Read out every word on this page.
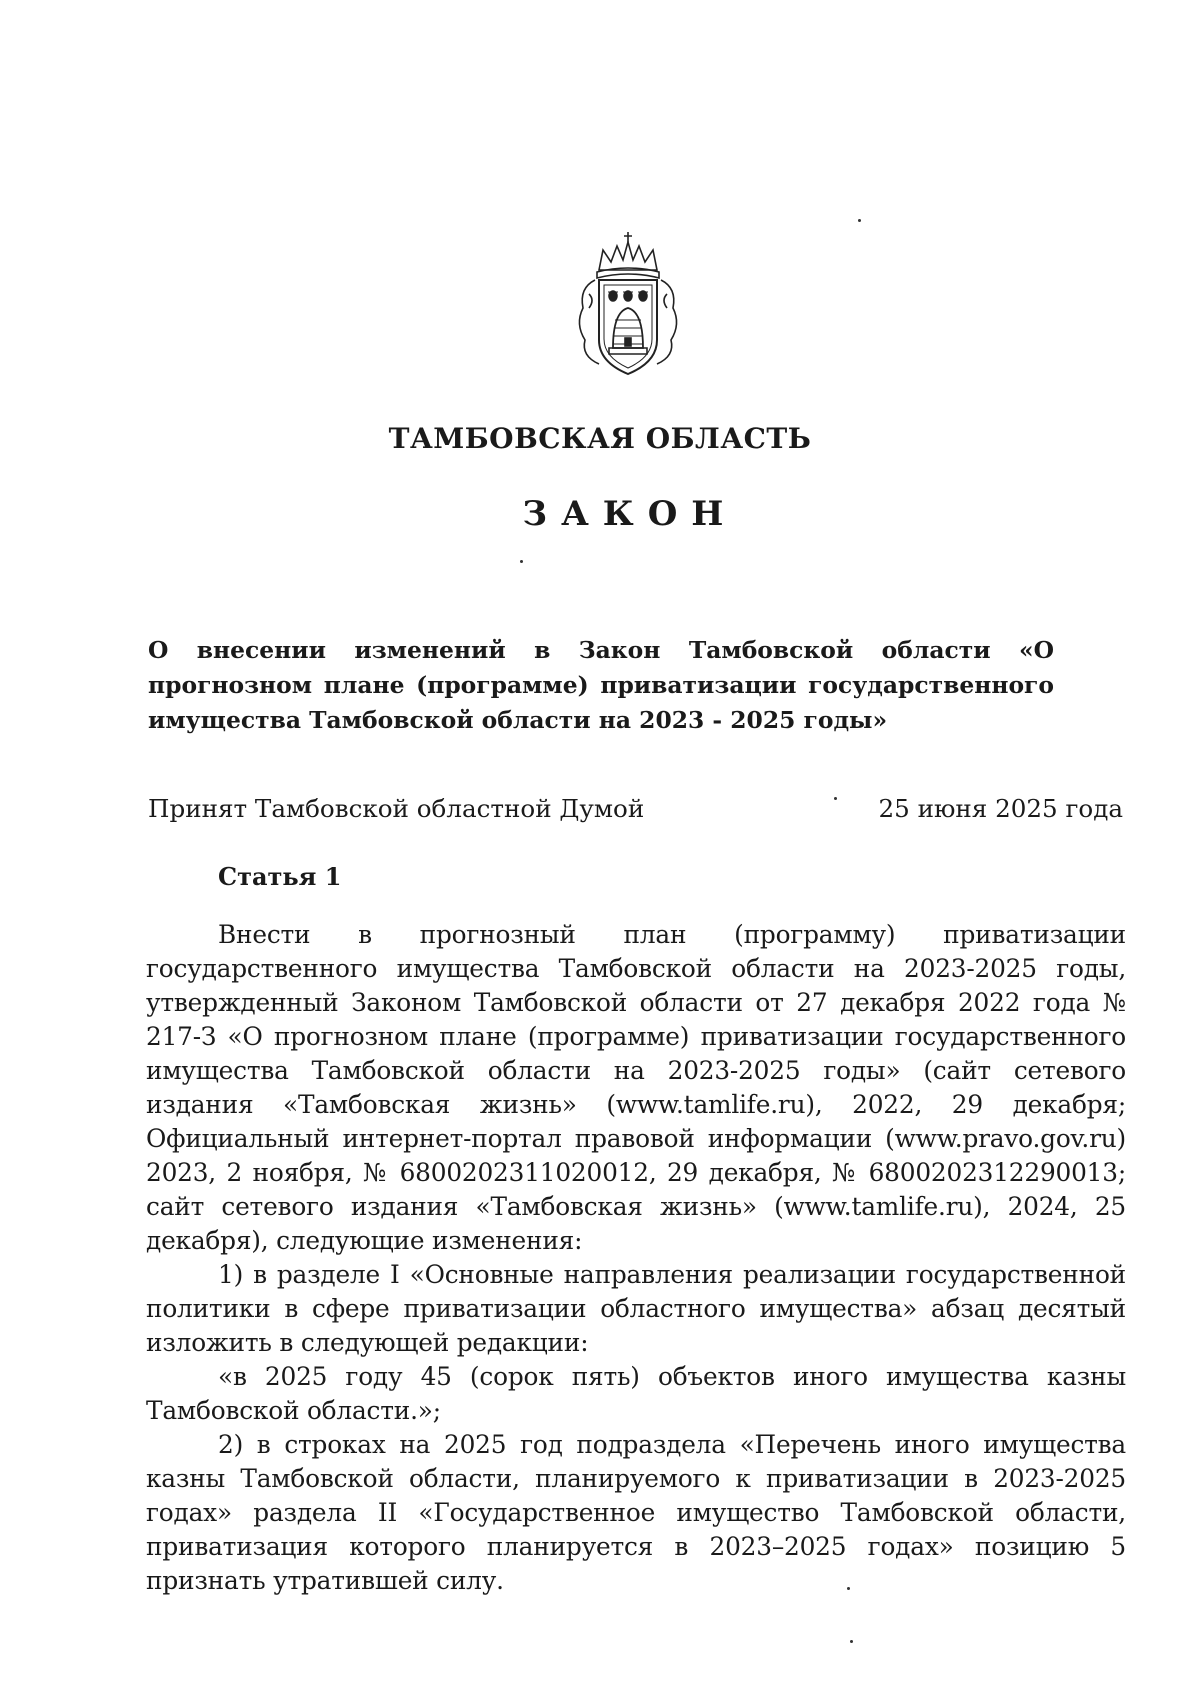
ТАМБОВСКАЯ ОБЛАСТЬ
ЗАКОН
О внесении изменений в Закон Тамбовской области «О прогнозном плане (программе) приватизации государственного имущества Тамбовской области на 2023 - 2025 годы»
Принят Тамбовской областной Думой	25 июня 2025 года
Статья 1

Внести в прогнозный план (программу) приватизации государственного имущества Тамбовской области на 2023-2025 годы, утвержденный Законом Тамбовской области от 27 декабря 2022 года № 217-З «О прогнозном плане (программе) приватизации государственного имущества Тамбовской области на 2023-2025 годы» (сайт сетевого издания «Тамбовская жизнь» (www.tamlife.ru), 2022, 29 декабря; Официальный интернет-портал правовой информации (www.pravo.gov.ru) 2023, 2 ноября, № 6800202311020012, 29 декабря, № 6800202312290013; сайт сетевого издания «Тамбовская жизнь» (www.tamlife.ru), 2024, 25 декабря), следующие изменения:

1) в разделе I «Основные направления реализации государственной политики в сфере приватизации областного имущества» абзац десятый изложить в следующей редакции:

«в 2025 году 45 (сорок пять) объектов иного имущества казны Тамбовской области.»;

2) в строках на 2025 год подраздела «Перечень иного имущества казны Тамбовской области, планируемого к приватизации в 2023-2025 годах» раздела II «Государственное имущество Тамбовской области, приватизация которого планируется в 2023–2025 годах» позицию 5 признать утратившей силу.
